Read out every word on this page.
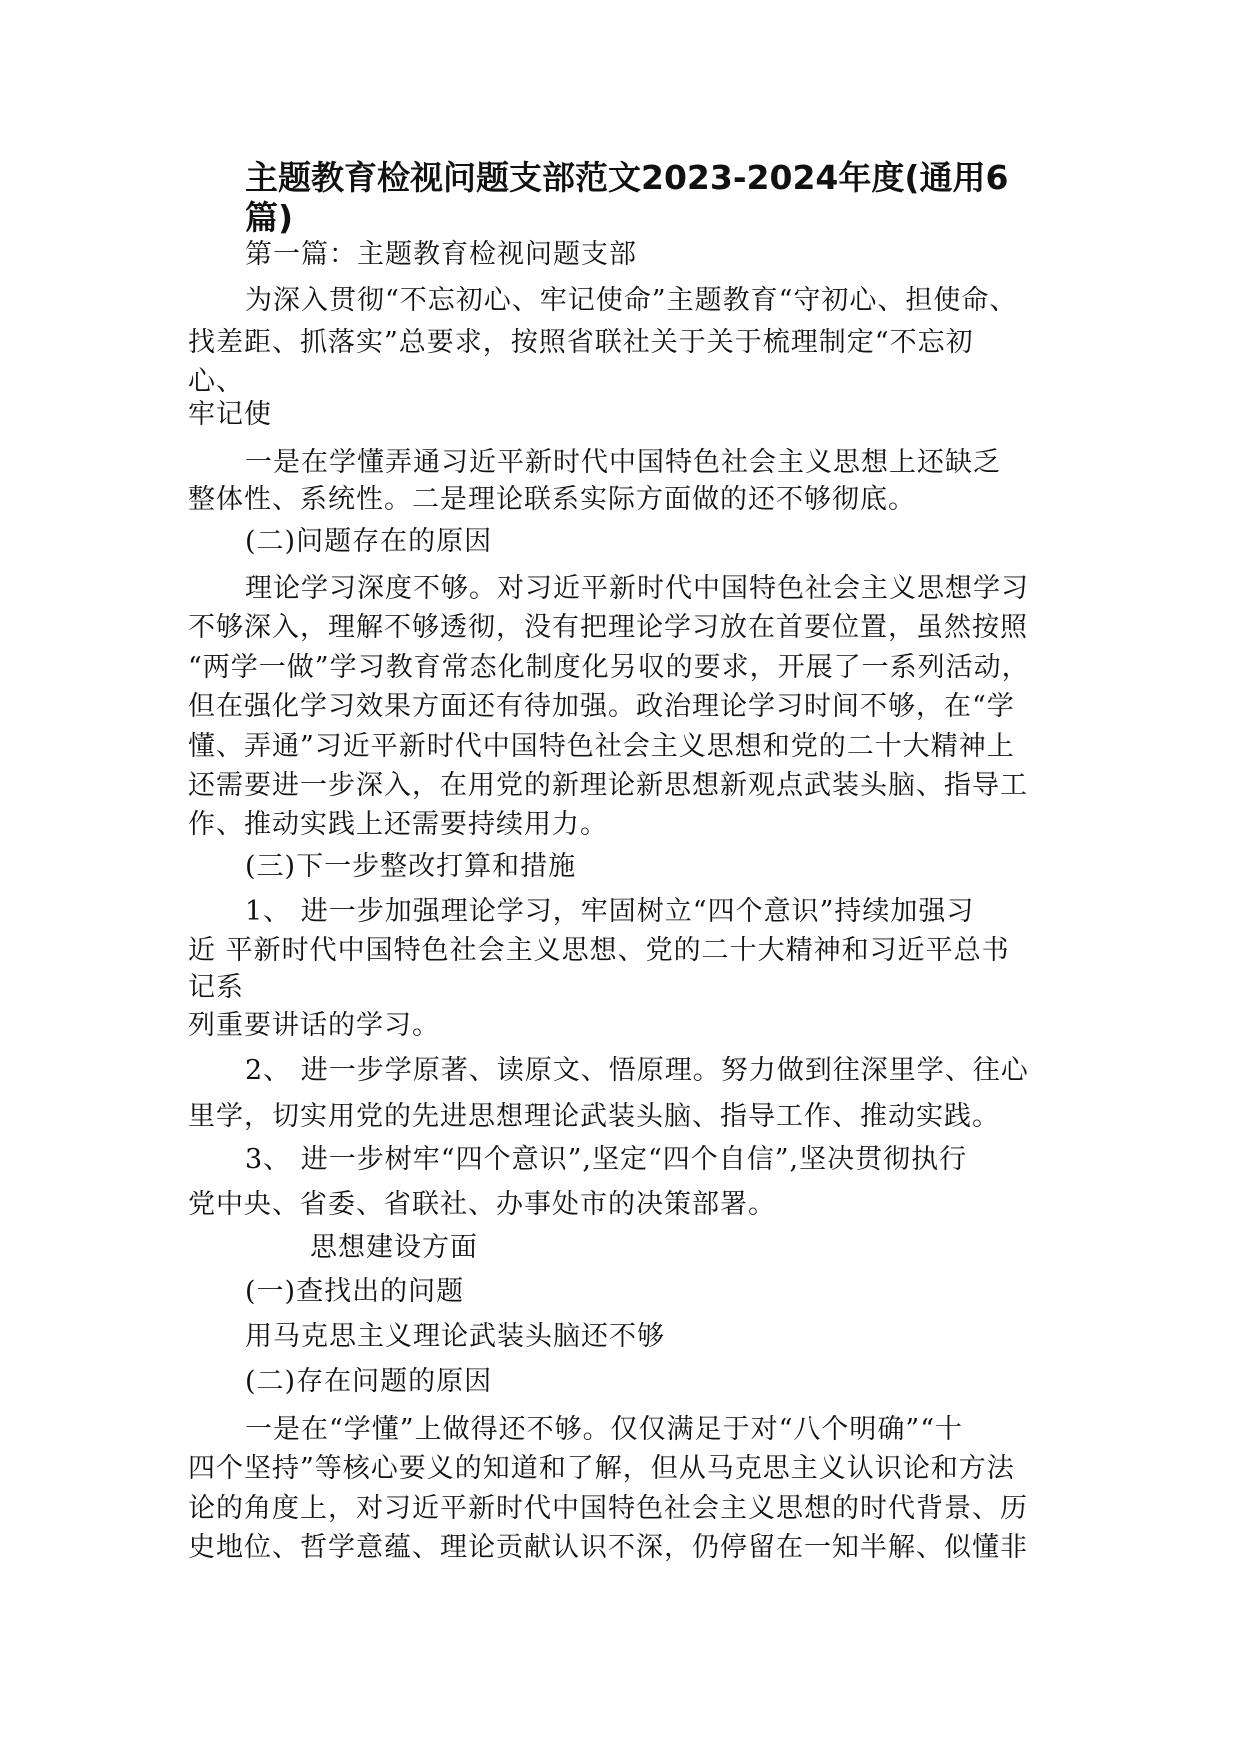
主题教育检视问题支部范文2023-2024年度(通用6篇)
第一篇：主题教育检视问题支部
为深入贯彻“不忘初心、牢记使命”主题教育“守初心、担使命、
找差距、抓落实”总要求，按照省联社关于关于梳理制定“不忘初
心、
牢记使
一是在学懂弄通习近平新时代中国特色社会主义思想上还缺乏
整体性、系统性。二是理论联系实际方面做的还不够彻底。
(二)问题存在的原因
理论学习深度不够。对习近平新时代中国特色社会主义思想学习
不够深入，理解不够透彻，没有把理论学习放在首要位置，虽然按照
“两学一做”学习教育常态化制度化另収的要求，开展了一系列活动，
但在强化学习效果方面还有待加强。政治理论学习时间不够，在“学
懂、弄通”习近平新时代中国特色社会主义思想和党的二十大精神上
还需要进一步深入，在用党的新理论新思想新观点武装头脑、指导工
作、推动实践上还需要持续用力。
(三)下一步整改打算和措施
1、 进一步加强理论学习，牢固树立“四个意识”持续加强习
近 平新时代中国特色社会主义思想、党的二十大精神和习近平总书
记系
列重要讲话的学习。
2、 进一步学原著、读原文、悟原理。努力做到往深里学、往心
里学，切实用党的先进思想理论武装头脑、指导工作、推动实践。
3、 进一步树牢“四个意识”,坚定“四个自信”,坚决贯彻执行
党中央、省委、省联社、办事处市的决策部署。
思想建设方面
(一)查找出的问题
用马克思主义理论武装头脑还不够
(二)存在问题的原因
一是在“学懂”上做得还不够。仅仅满足于对“八个明确”“十
四个坚持”等核心要义的知道和了解，但从马克思主义认识论和方法
论的角度上，对习近平新时代中国特色社会主义思想的时代背景、历
史地位、哲学意蕴、理论贡献认识不深，仍停留在一知半解、似懂非
